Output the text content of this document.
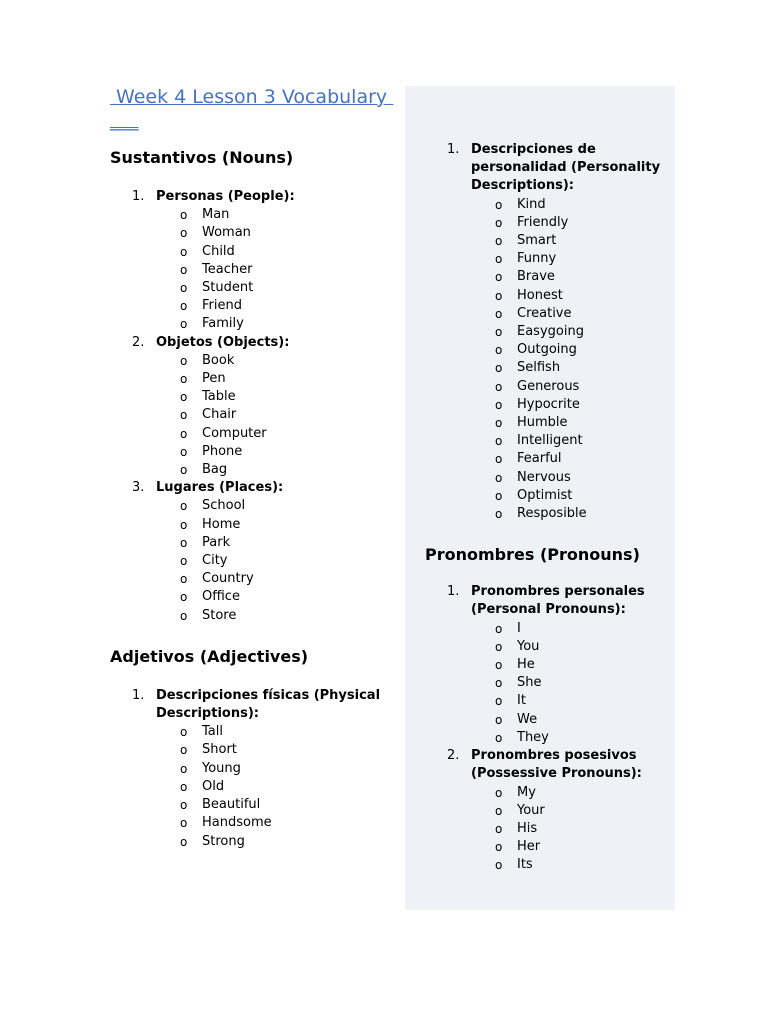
Week 4 Lesson 3 Vocabulary ___
Sustantivos (Nouns)
1. Personas (People):
o Man
o Woman
o Child
o Teacher
o Student
o Friend
o Family
2. Objetos (Objects):
o Book
o Pen
o Table
o Chair
o Computer
o Phone
o Bag
3. Lugares (Places):
o School
o Home
o Park
o City
o Country
o Office
o Store
Adjetivos (Adjectives)
1. Descripciones físicas (Physical Descriptions):
o Tall
o Short
o Young
o Old
o Beautiful
o Handsome
o Strong
1. Descripciones de personalidad (Personality Descriptions):
o Kind
o Friendly
o Smart
o Funny
o Brave
o Honest
o Creative
o Easygoing
o Outgoing
o Selfish
o Generous
o Hypocrite
o Humble
o Intelligent
o Fearful
o Nervous
o Optimist
o Resposible
Pronombres (Pronouns)
1. Pronombres personales (Personal Pronouns):
o I
o You
o He
o She
o It
o We
o They
2. Pronombres posesivos (Possessive Pronouns):
o My
o Your
o His
o Her
o Its
